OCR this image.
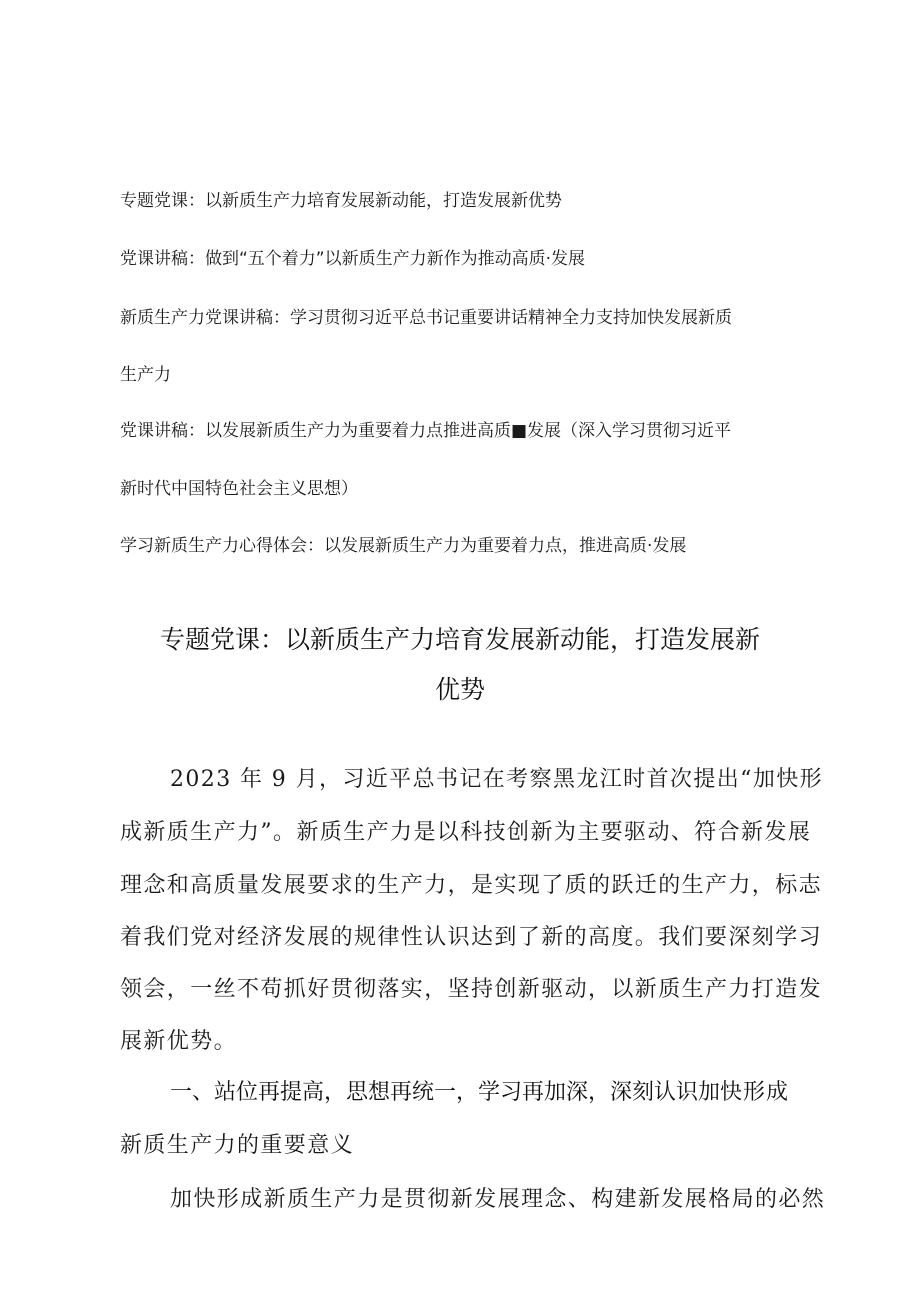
专题党课：以新质生产力培育发展新动能，打造发展新优势
党课讲稿：做到“五个着力”以新质生产力新作为推动高质·发展
新质生产力党课讲稿：学习贯彻习近平总书记重要讲话精神全力支持加快发展新质
生产力
党课讲稿：以发展新质生产力为重要着力点推进高质■发展（深入学习贯彻习近平
新时代中国特色社会主义思想）
学习新质生产力心得体会：以发展新质生产力为重要着力点，推进高质·发展
专题党课：以新质生产力培育发展新动能，打造发展新
优势
2023 年 9 月，习近平总书记在考察黑龙江时首次提出“加快形
成新质生产力”。新质生产力是以科技创新为主要驱动、符合新发展
理念和高质量发展要求的生产力，是实现了质的跃迁的生产力，标志
着我们党对经济发展的规律性认识达到了新的高度。我们要深刻学习
领会，一丝不苟抓好贯彻落实，坚持创新驱动，以新质生产力打造发
展新优势。
一、站位再提高，思想再统一，学习再加深，深刻认识加快形成
新质生产力的重要意义
加快形成新质生产力是贯彻新发展理念、构建新发展格局的必然
